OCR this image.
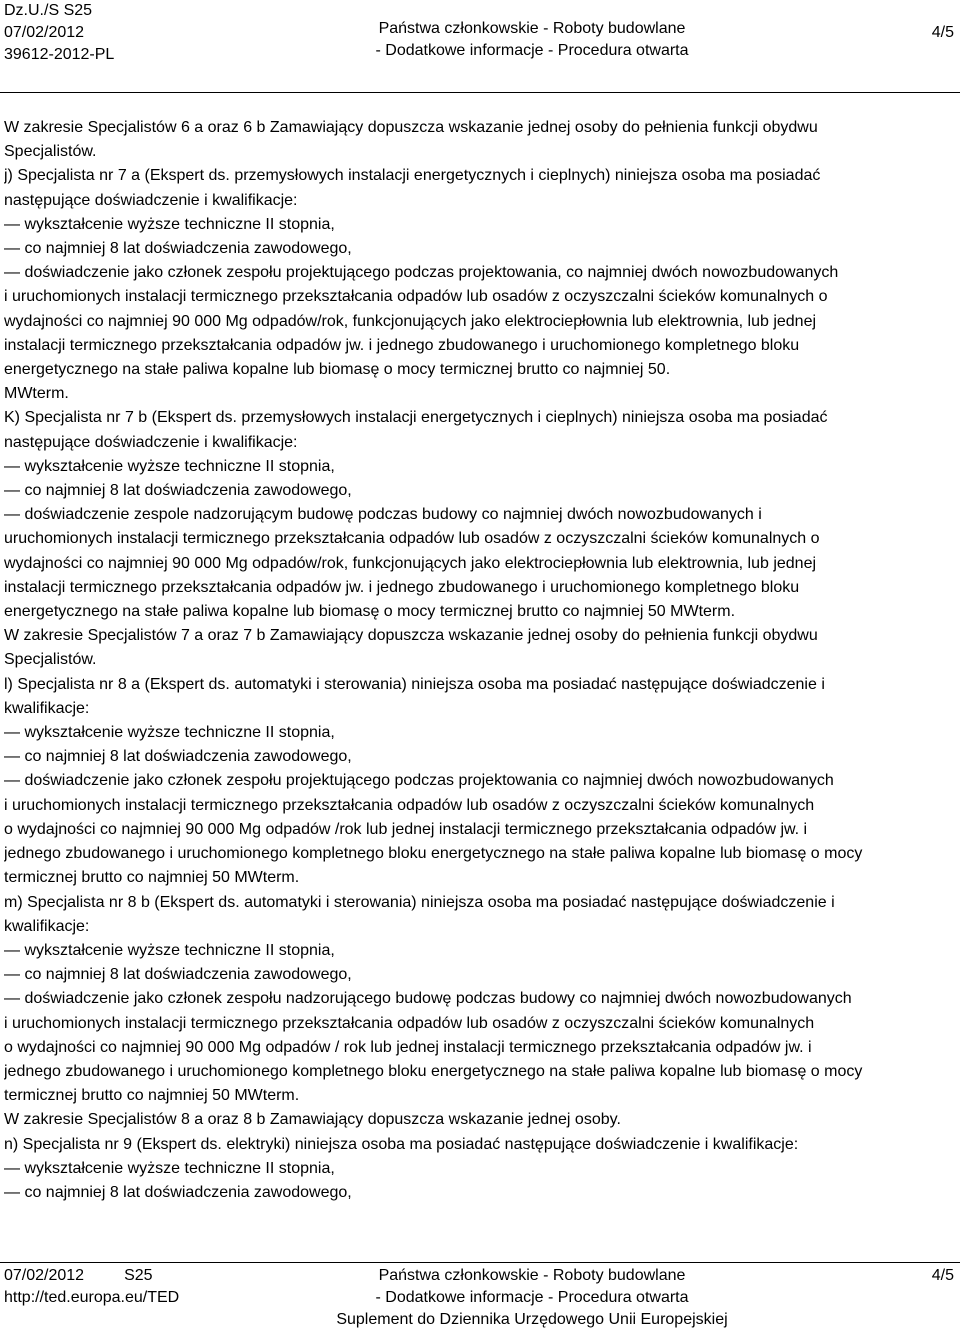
Dz.U./S S25
07/02/2012
39612-2012-PL
Państwa członkowskie - Roboty budowlane
- Dodatkowe informacje - Procedura otwarta
4/5

W zakresie Specjalistów 6 a oraz 6 b Zamawiający dopuszcza wskazanie jednej osoby do pełnienia funkcji obydwu

Specjalistów.

j) Specjalista nr 7 a (Ekspert ds. przemysłowych instalacji energetycznych i cieplnych) niniejsza osoba ma posiadać

następujące doświadczenie i kwalifikacje:

— wykształcenie wyższe techniczne II stopnia,

— co najmniej 8 lat doświadczenia zawodowego,

— doświadczenie jako członek zespołu projektującego podczas projektowania, co najmniej dwóch nowozbudowanych

i uruchomionych instalacji termicznego przekształcania odpadów lub osadów z oczyszczalni ścieków komunalnych o

wydajności co najmniej 90 000 Mg odpadów/rok, funkcjonujących jako elektrociepłownia lub elektrownia, lub jednej

instalacji termicznego przekształcania odpadów jw. i jednego zbudowanego i uruchomionego kompletnego bloku

energetycznego na stałe paliwa kopalne lub biomasę o mocy termicznej brutto co najmniej 50.

MWterm.

K) Specjalista nr 7 b (Ekspert ds. przemysłowych instalacji energetycznych i cieplnych) niniejsza osoba ma posiadać

następujące doświadczenie i kwalifikacje:

— wykształcenie wyższe techniczne II stopnia,

— co najmniej 8 lat doświadczenia zawodowego,

— doświadczenie zespole nadzorującym budowę podczas budowy co najmniej dwóch nowozbudowanych i

uruchomionych instalacji termicznego przekształcania odpadów lub osadów z oczyszczalni ścieków komunalnych o

wydajności co najmniej 90 000 Mg odpadów/rok, funkcjonujących jako elektrociepłownia lub elektrownia, lub jednej

instalacji termicznego przekształcania odpadów jw. i jednego zbudowanego i uruchomionego kompletnego bloku

energetycznego na stałe paliwa kopalne lub biomasę o mocy termicznej brutto co najmniej 50 MWterm.

W zakresie Specjalistów 7 a oraz 7 b Zamawiający dopuszcza wskazanie jednej osoby do pełnienia funkcji obydwu

Specjalistów.

l) Specjalista nr 8 a (Ekspert ds. automatyki i sterowania) niniejsza osoba ma posiadać następujące doświadczenie i

kwalifikacje:

— wykształcenie wyższe techniczne II stopnia,

— co najmniej 8 lat doświadczenia zawodowego,

— doświadczenie jako członek zespołu projektującego podczas projektowania co najmniej dwóch nowozbudowanych

i uruchomionych instalacji termicznego przekształcania odpadów lub osadów z oczyszczalni ścieków komunalnych

o wydajności co najmniej 90 000 Mg odpadów /rok lub jednej instalacji termicznego przekształcania odpadów jw. i

jednego zbudowanego i uruchomionego kompletnego bloku energetycznego na stałe paliwa kopalne lub biomasę o mocy

termicznej brutto co najmniej 50 MWterm.

m) Specjalista nr 8 b (Ekspert ds. automatyki i sterowania) niniejsza osoba ma posiadać następujące doświadczenie i

kwalifikacje:

— wykształcenie wyższe techniczne II stopnia,

— co najmniej 8 lat doświadczenia zawodowego,

— doświadczenie jako członek zespołu nadzorującego budowę podczas budowy co najmniej dwóch nowozbudowanych

i uruchomionych instalacji termicznego przekształcania odpadów lub osadów z oczyszczalni ścieków komunalnych

o wydajności co najmniej 90 000 Mg odpadów / rok lub jednej instalacji termicznego przekształcania odpadów jw. i

jednego zbudowanego i uruchomionego kompletnego bloku energetycznego na stałe paliwa kopalne lub biomasę o mocy

termicznej brutto co najmniej 50 MWterm.

W zakresie Specjalistów 8 a oraz 8 b Zamawiający dopuszcza wskazanie jednej osoby.

n) Specjalista nr 9 (Ekspert ds. elektryki) niniejsza osoba ma posiadać następujące doświadczenie i kwalifikacje:

— wykształcenie wyższe techniczne II stopnia,

— co najmniej 8 lat doświadczenia zawodowego,

07/02/2012	S25
http://ted.europa.eu/TED
Państwa członkowskie - Roboty budowlane
- Dodatkowe informacje - Procedura otwarta
Suplement do Dziennika Urzędowego Unii Europejskiej
4/5
